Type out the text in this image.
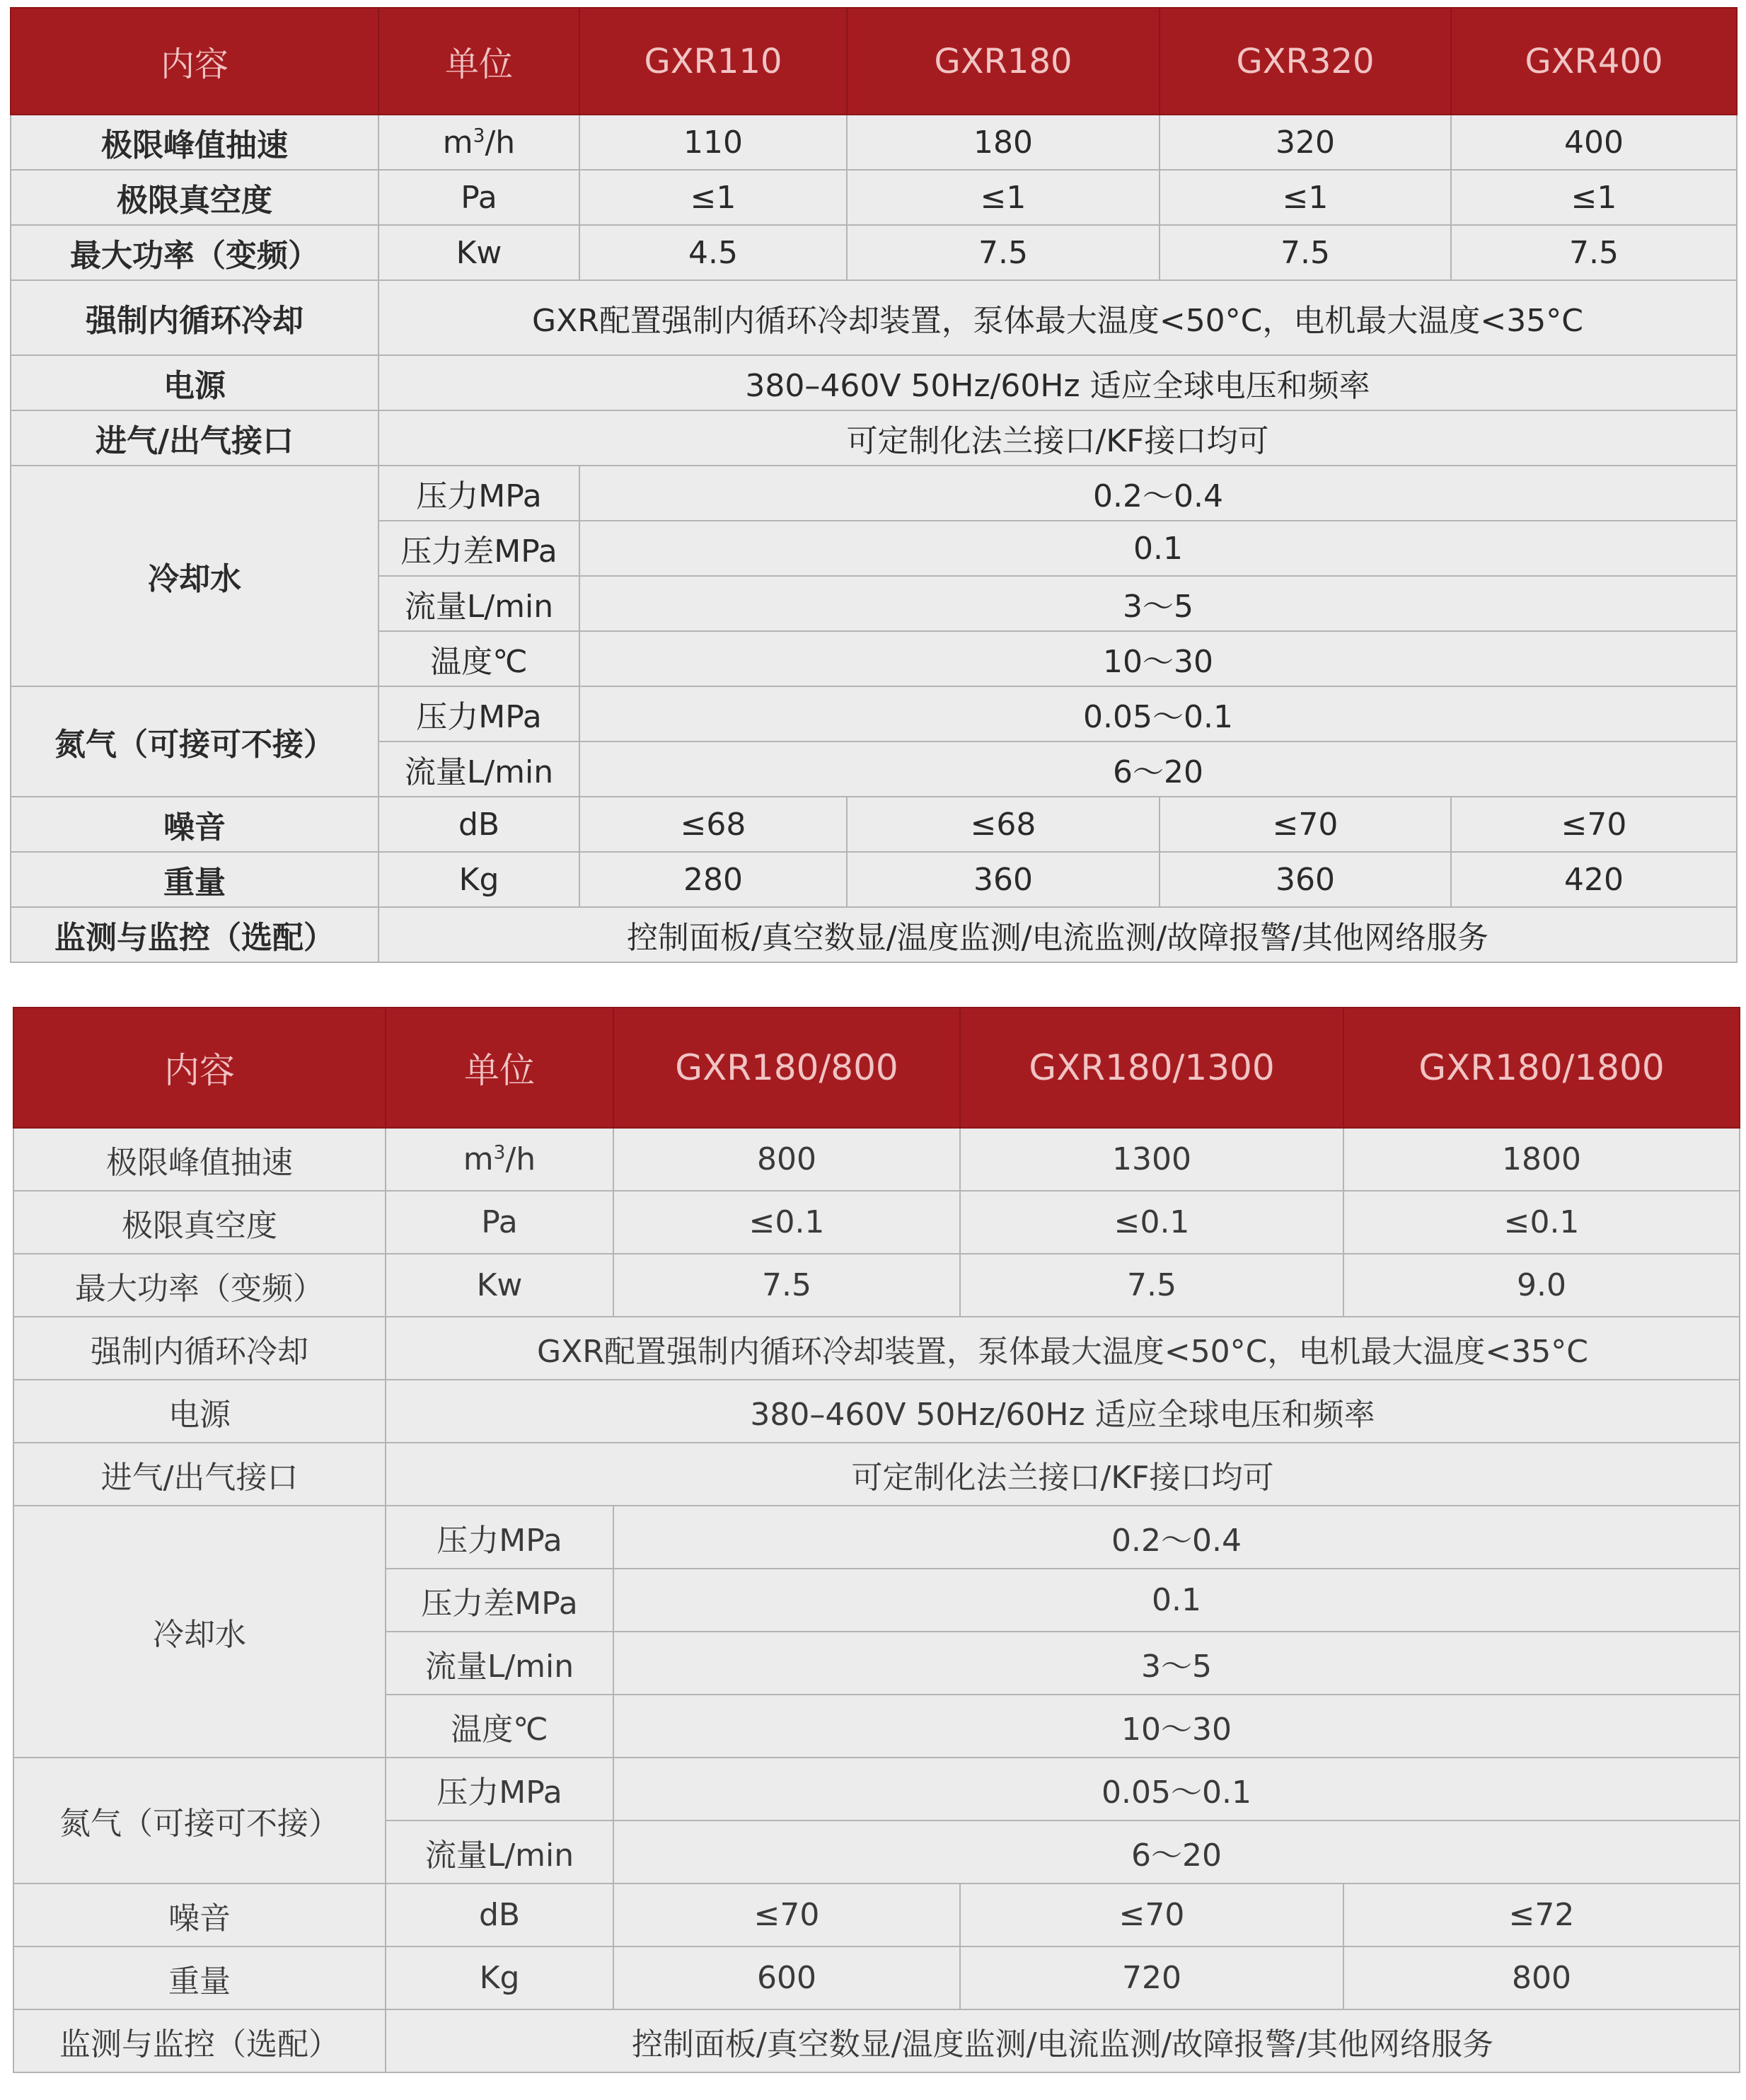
内容	单位	GXR110	GXR180	GXR320	GXR400
极限峰值抽速	$m^3/h$	110	180	320	400
极限真空度	Pa	≤1	≤1	≤1	≤1
最大功率（变频）	Kw	4.5	7.5	7.5	7.5
强制内循环冷却	GXR配置强制内循环冷却装置，泵体最大温度<50°C，电机最大温度<35°C				
电源	380–460V 50Hz/60Hz 适应全球电压和频率				
进气/出气接口	可定制化法兰接口/KF接口均可				
冷却水	压力MPa	0.2～0.4			
	压力差MPa	0.1			
	流量L/min	3～5			
	温度℃	10～30			
氮气（可接可不接）	压力MPa	0.05～0.1			
	流量L/min	6～20			
噪音	dB	≤68	≤68	≤70	≤70
重量	Kg	280	360	360	420
监测与监控（选配）	控制面板/真空数显/温度监测/电流监测/故障报警/其他网络服务				
内容	单位	GXR180/800	GXR180/1300	GXR180/1800
极限峰值抽速	$m^3/h$	800	1300	1800
极限真空度	Pa	≤0.1	≤0.1	≤0.1
最大功率（变频）	Kw	7.5	7.5	9.0
强制内循环冷却	GXR配置强制内循环冷却装置，泵体最大温度<50°C，电机最大温度<35°C			
电源	380–460V 50Hz/60Hz 适应全球电压和频率			
进气/出气接口	可定制化法兰接口/KF接口均可			
冷却水	压力MPa	0.2～0.4		
	压力差MPa	0.1		
	流量L/min	3～5		
	温度℃	10～30		
氮气（可接可不接）	压力MPa	0.05～0.1		
	流量L/min	6～20		
噪音	dB	≤70	≤70	≤72
重量	Kg	600	720	800
监测与监控（选配）	控制面板/真空数显/温度监测/电流监测/故障报警/其他网络服务			
